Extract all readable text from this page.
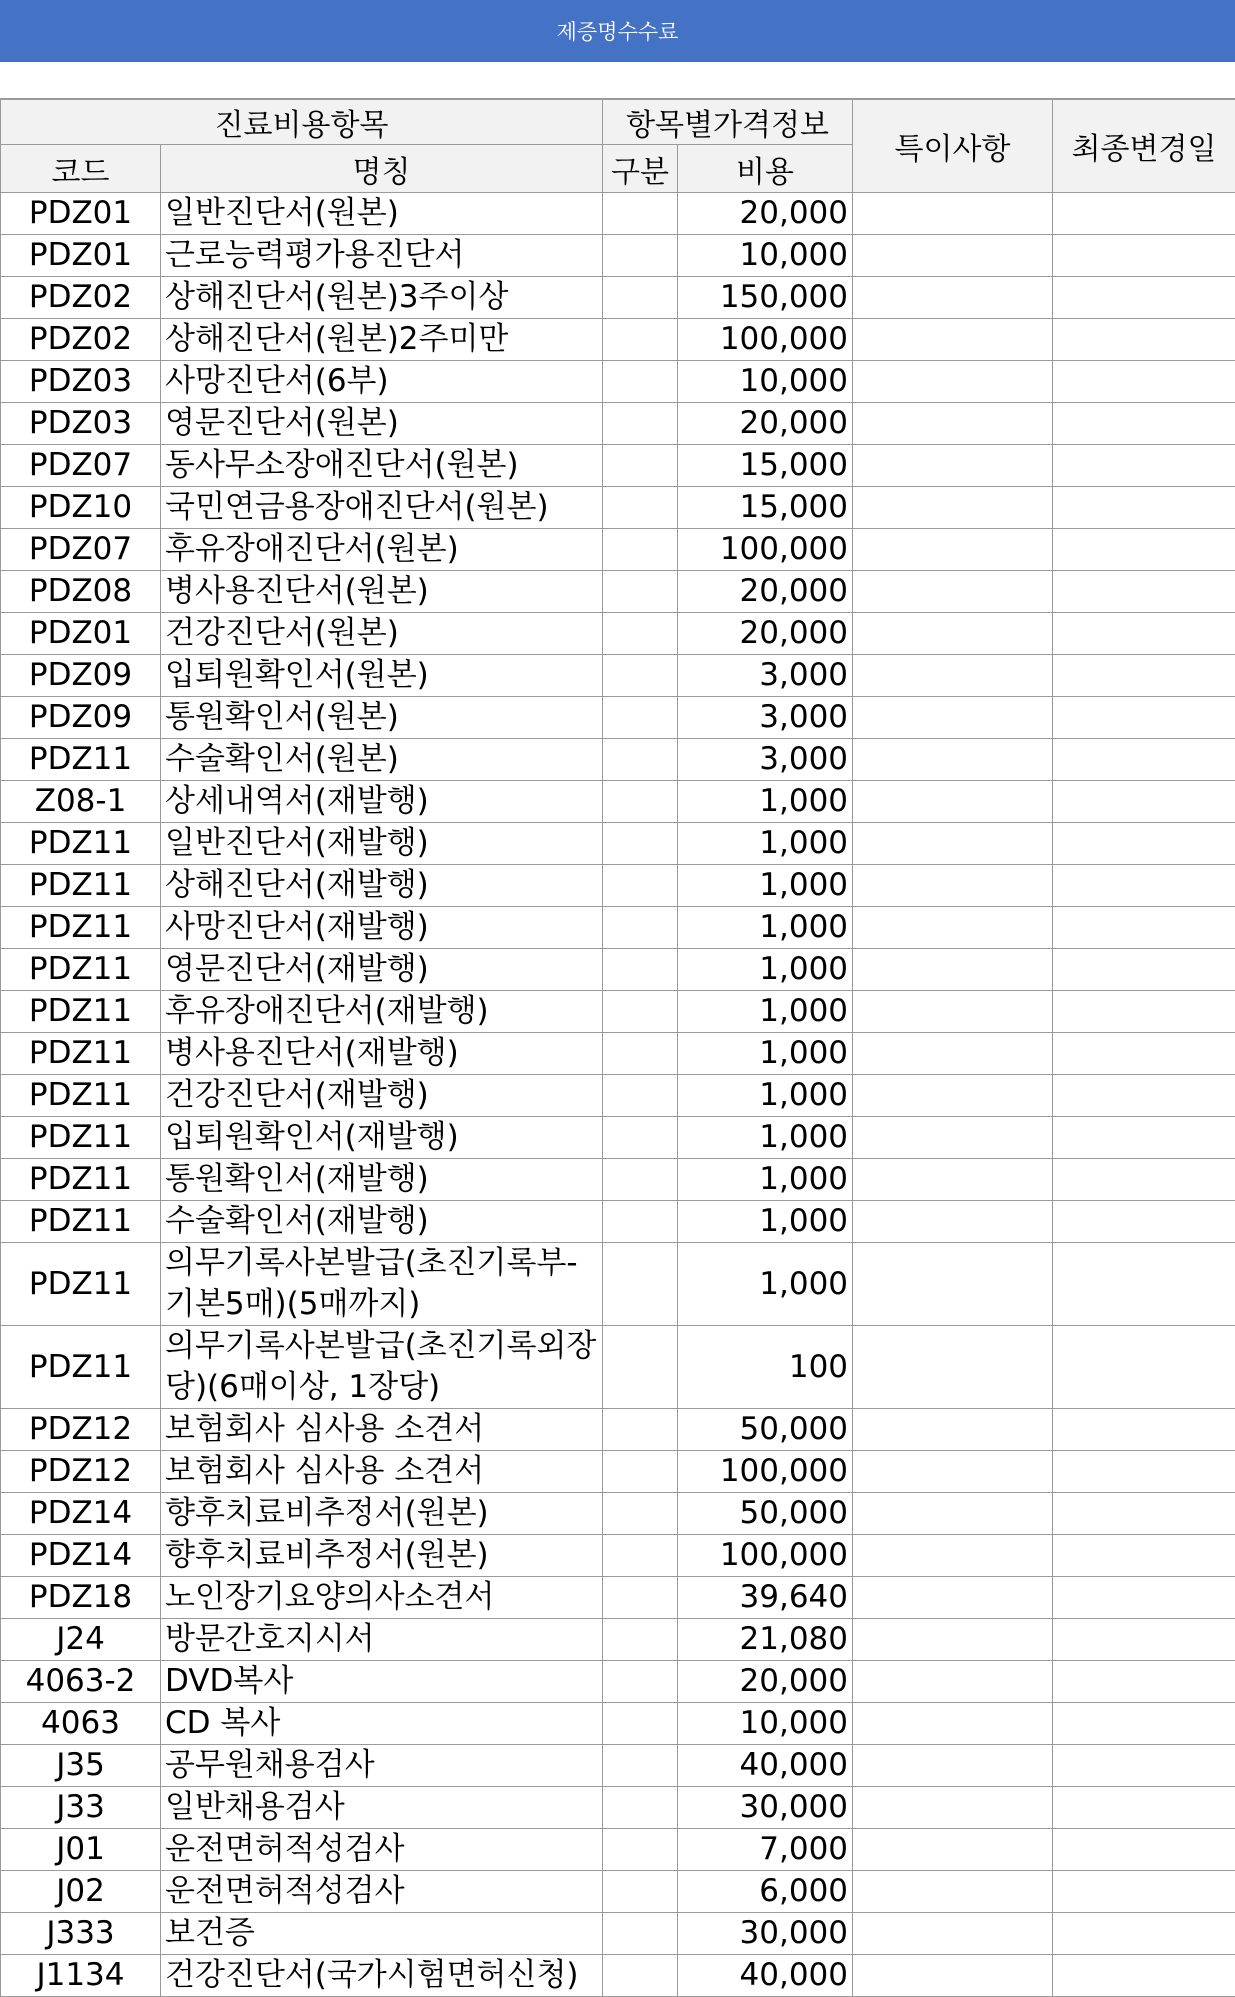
제증명수수료
진료비용항목		항목별가격정보		특이사항	최종변경일
코드	명칭	구분	비용		
PDZ01	일반진단서(원본)		20,000		
PDZ01	근로능력평가용진단서		10,000		
PDZ02	상해진단서(원본)3주이상		150,000		
PDZ02	상해진단서(원본)2주미만		100,000		
PDZ03	사망진단서(6부)		10,000		
PDZ03	영문진단서(원본)		20,000		
PDZ07	동사무소장애진단서(원본)		15,000		
PDZ10	국민연금용장애진단서(원본)		15,000		
PDZ07	후유장애진단서(원본)		100,000		
PDZ08	병사용진단서(원본)		20,000		
PDZ01	건강진단서(원본)		20,000		
PDZ09	입퇴원확인서(원본)		3,000		
PDZ09	통원확인서(원본)		3,000		
PDZ11	수술확인서(원본)		3,000		
Z08-1	상세내역서(재발행)		1,000		
PDZ11	일반진단서(재발행)		1,000		
PDZ11	상해진단서(재발행)		1,000		
PDZ11	사망진단서(재발행)		1,000		
PDZ11	영문진단서(재발행)		1,000		
PDZ11	후유장애진단서(재발행)		1,000		
PDZ11	병사용진단서(재발행)		1,000		
PDZ11	건강진단서(재발행)		1,000		
PDZ11	입퇴원확인서(재발행)		1,000		
PDZ11	통원확인서(재발행)		1,000		
PDZ11	수술확인서(재발행)		1,000		
PDZ11	의무기록사본발급(초진기록부-기본5매)(5매까지)		1,000		
PDZ11	의무기록사본발급(초진기록외장당)(6매이상, 1장당)		100		
PDZ12	보험회사 심사용 소견서		50,000		
PDZ12	보험회사 심사용 소견서		100,000		
PDZ14	향후치료비추정서(원본)		50,000		
PDZ14	향후치료비추정서(원본)		100,000		
PDZ18	노인장기요양의사소견서		39,640		
J24	방문간호지시서		21,080		
4063-2	DVD복사		20,000		
4063	CD 복사		10,000		
J35	공무원채용검사		40,000		
J33	일반채용검사		30,000		
J01	운전면허적성검사		7,000		
J02	운전면허적성검사		6,000		
J333	보건증		30,000		
J1134	건강진단서(국가시험면허신청)		40,000		
